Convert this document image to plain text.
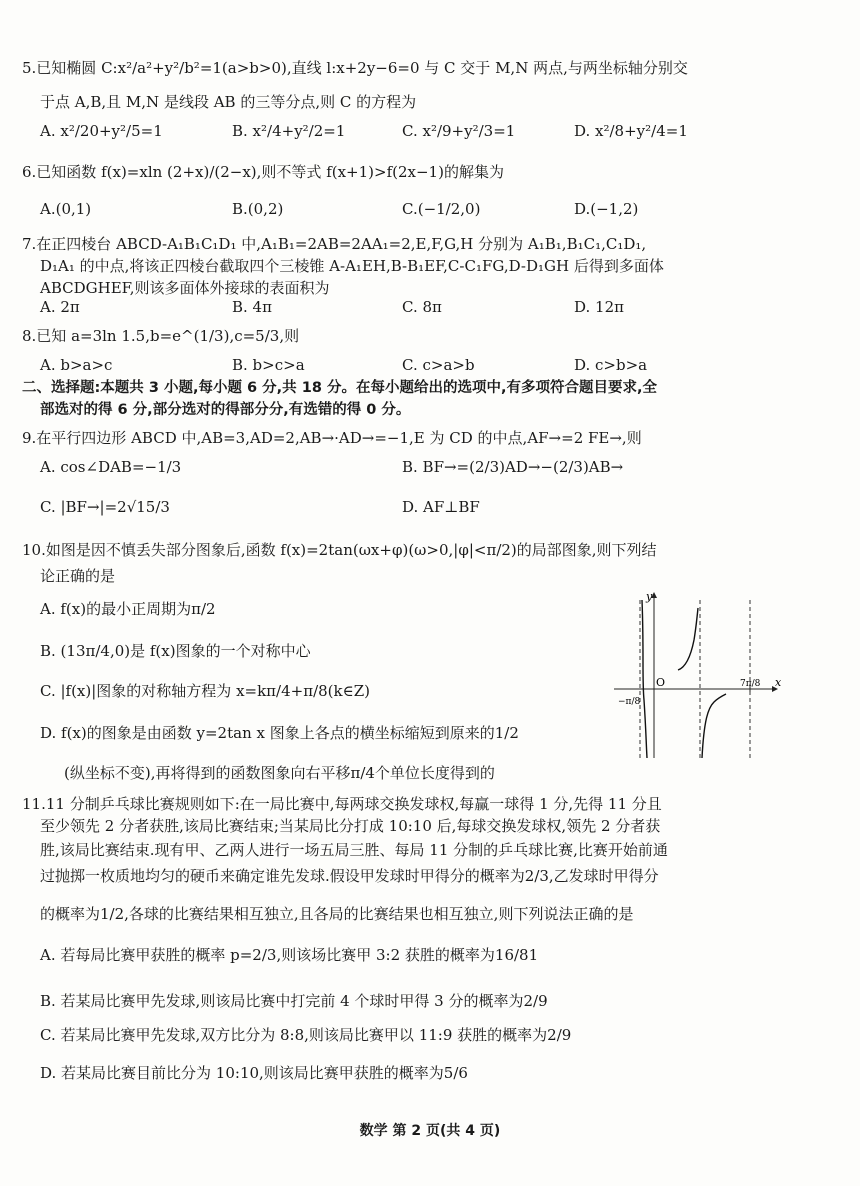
5.已知椭圆 C:x²/a²+y²/b²=1(a>b>0),直线 l:x+2y−6=0 与 C 交于 M,N 两点,与两坐标轴分别交
于点 A,B,且 M,N 是线段 AB 的三等分点,则 C 的方程为
A. x²/20+y²/5=1	B. x²/4+y²/2=1	C. x²/9+y²/3=1	D. x²/8+y²/4=1
6.已知函数 f(x)=xln (2+x)/(2−x),则不等式 f(x+1)>f(2x−1)的解集为
A.(0,1)	B.(0,2)	C.(−1/2,0)	D.(−1,2)
7.在正四棱台 ABCD-A₁B₁C₁D₁ 中,A₁B₁=2AB=2AA₁=2,E,F,G,H 分别为 A₁B₁,B₁C₁,C₁D₁,
D₁A₁ 的中点,将该正四棱台截取四个三棱锥 A-A₁EH,B-B₁EF,C-C₁FG,D-D₁GH 后得到多面体
ABCDGHEF,则该多面体外接球的表面积为
A. 2π	B. 4π	C. 8π	D. 12π
8.已知 a=3ln 1.5,b=e^(1/3),c=5/3,则
A. b>a>c	B. b>c>a	C. c>a>b	D. c>b>a
二、选择题:本题共 3 小题,每小题 6 分,共 18 分。在每小题给出的选项中,有多项符合题目要求,全
部选对的得 6 分,部分选对的得部分分,有选错的得 0 分。
9.在平行四边形 ABCD 中,AB=3,AD=2,AB→·AD→=−1,E 为 CD 的中点,AF→=2 FE→,则
A. cos∠DAB=−1/3	B. BF→=(2/3)AD→−(2/3)AB→
C. |BF→|=2√15/3	D. AF⊥BF
10.如图是因不慎丢失部分图象后,函数 f(x)=2tan(ωx+φ)(ω>0,|φ|<π/2)的局部图象,则下列结
论正确的是
A. f(x)的最小正周期为π/2
B. (13π/4,0)是 f(x)图象的一个对称中心
C. |f(x)|图象的对称轴方程为 x=kπ/4+π/8(k∈Z)
D. f(x)的图象是由函数 y=2tan x 图象上各点的横坐标缩短到原来的1/2
(纵坐标不变),再将得到的函数图象向右平移π/4个单位长度得到的
y
x
O
−π/8
7π/8
11.11 分制乒乓球比赛规则如下:在一局比赛中,每两球交换发球权,每赢一球得 1 分,先得 11 分且
至少领先 2 分者获胜,该局比赛结束;当某局比分打成 10:10 后,每球交换发球权,领先 2 分者获
胜,该局比赛结束.现有甲、乙两人进行一场五局三胜、每局 11 分制的乒乓球比赛,比赛开始前通
过抛掷一枚质地均匀的硬币来确定谁先发球.假设甲发球时甲得分的概率为2/3,乙发球时甲得分
的概率为1/2,各球的比赛结果相互独立,且各局的比赛结果也相互独立,则下列说法正确的是
A. 若每局比赛甲获胜的概率 p=2/3,则该场比赛甲 3:2 获胜的概率为16/81
B. 若某局比赛甲先发球,则该局比赛中打完前 4 个球时甲得 3 分的概率为2/9
C. 若某局比赛甲先发球,双方比分为 8:8,则该局比赛甲以 11:9 获胜的概率为2/9
D. 若某局比赛目前比分为 10:10,则该局比赛甲获胜的概率为5/6
数学 第 2 页(共 4 页)
